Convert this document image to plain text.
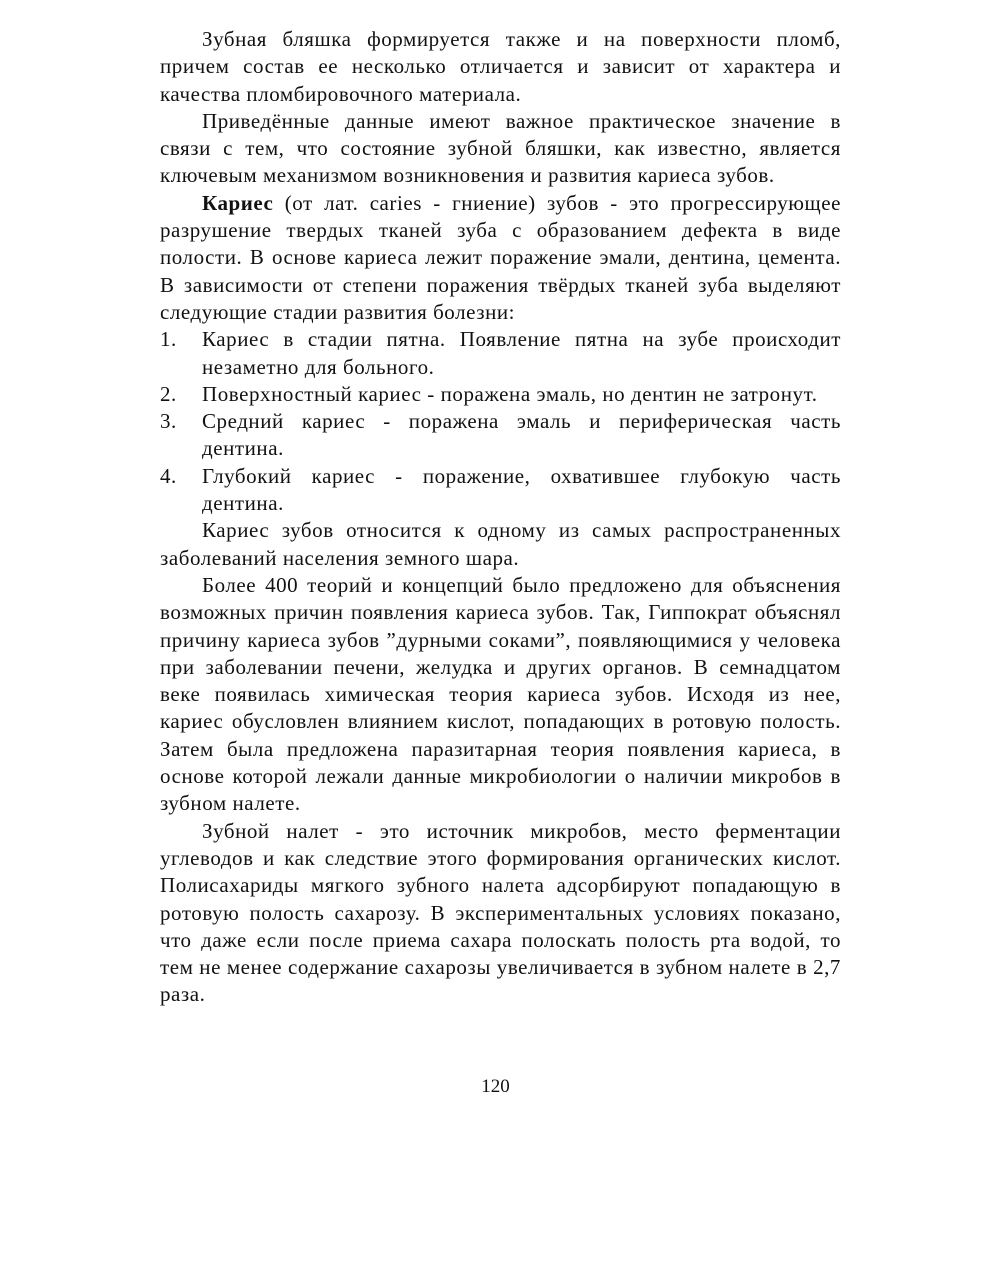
Зубная бляшка формируется также и на поверхности пломб, причем состав ее несколько отличается и зависит от характера и качества пломбировочного материала.

Приведённые данные имеют важное практическое значение в связи с тем, что состояние зубной бляшки, как известно, является ключевым механизмом возникновения и развития кариеса зубов.

Кариес (от лат. caries - гниение) зубов - это прогрессирующее разрушение твердых тканей зуба с образованием дефекта в виде полости. В основе кариеса лежит поражение эмали, дентина, цемента. В зависимости от степени поражения твёрдых тканей зуба выделяют следующие стадии развития болезни:

1. Кариес в стадии пятна. Появление пятна на зубе происходит незаметно для больного.
2. Поверхностный кариес - поражена эмаль, но дентин не затронут.
3. Средний кариес - поражена эмаль и периферическая часть дентина.
4. Глубокий кариес - поражение, охватившее глубокую часть дентина.

Кариес зубов относится к одному из самых распространенных заболеваний населения земного шара.

Более 400 теорий и концепций было предложено для объяснения возможных причин появления кариеса зубов. Так, Гиппократ объяснял причину кариеса зубов ”дурными соками”, появляющимися у человека при заболевании печени, желудка и других органов. В семнадцатом веке появилась химическая теория кариеса зубов. Исходя из нее, кариес обусловлен влиянием кислот, попадающих в ротовую полость. Затем была предложена паразитарная теория появления кариеса, в основе которой лежали данные микробиологии о наличии микробов в зубном налете.

Зубной налет - это источник микробов, место ферментации углеводов и как следствие этого формирования органических кислот. Полисахариды мягкого зубного налета адсорбируют попадающую в ротовую полость сахарозу. В экспериментальных условиях показано, что даже если после приема сахара полоскать полость рта водой, то тем не менее содержание сахарозы увеличивается в зубном налете в 2,7 раза.

120
